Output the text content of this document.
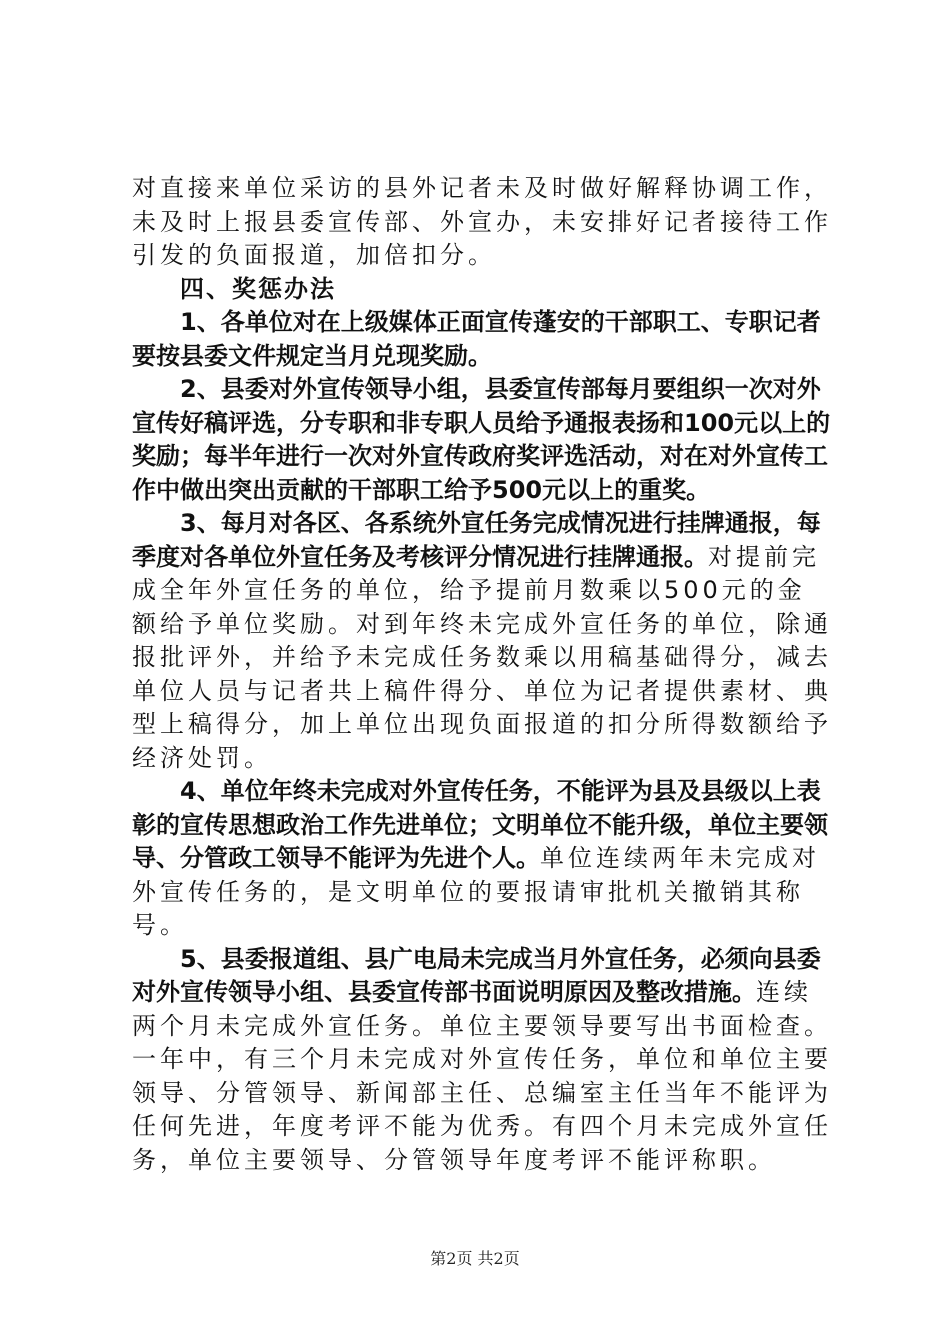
对直接来单位采访的县外记者未及时做好解释协调工作，未及时上报县委宣传部、外宣办，未安排好记者接待工作引发的负面报道，加倍扣分。

四、奖惩办法

1、各单位对在上级媒体正面宣传蓬安的干部职工、专职记者要按县委文件规定当月兑现奖励。

2、县委对外宣传领导小组，县委宣传部每月要组织一次对外宣传好稿评选，分专职和非专职人员给予通报表扬和100元以上的奖励；每半年进行一次对外宣传政府奖评选活动，对在对外宣传工作中做出突出贡献的干部职工给予500元以上的重奖。

3、每月对各区、各系统外宣任务完成情况进行挂牌通报，每季度对各单位外宣任务及考核评分情况进行挂牌通报。对提前完成全年外宣任务的单位，给予提前月数乘以500元的金额给予单位奖励。对到年终未完成外宣任务的单位，除通报批评外，并给予未完成任务数乘以用稿基础得分，减去单位人员与记者共上稿件得分、单位为记者提供素材、典型上稿得分，加上单位出现负面报道的扣分所得数额给予经济处罚。

4、单位年终未完成对外宣传任务，不能评为县及县级以上表彰的宣传思想政治工作先进单位；文明单位不能升级，单位主要领导、分管政工领导不能评为先进个人。单位连续两年未完成对外宣传任务的，是文明单位的要报请审批机关撤销其称号。

5、县委报道组、县广电局未完成当月外宣任务，必须向县委对外宣传领导小组、县委宣传部书面说明原因及整改措施。连续两个月未完成外宣任务。单位主要领导要写出书面检查。一年中，有三个月未完成对外宣传任务，单位和单位主要领导、分管领导、新闻部主任、总编室主任当年不能评为任何先进，年度考评不能为优秀。有四个月未完成外宣任务，单位主要领导、分管领导年度考评不能评称职。

第2页 共2页
